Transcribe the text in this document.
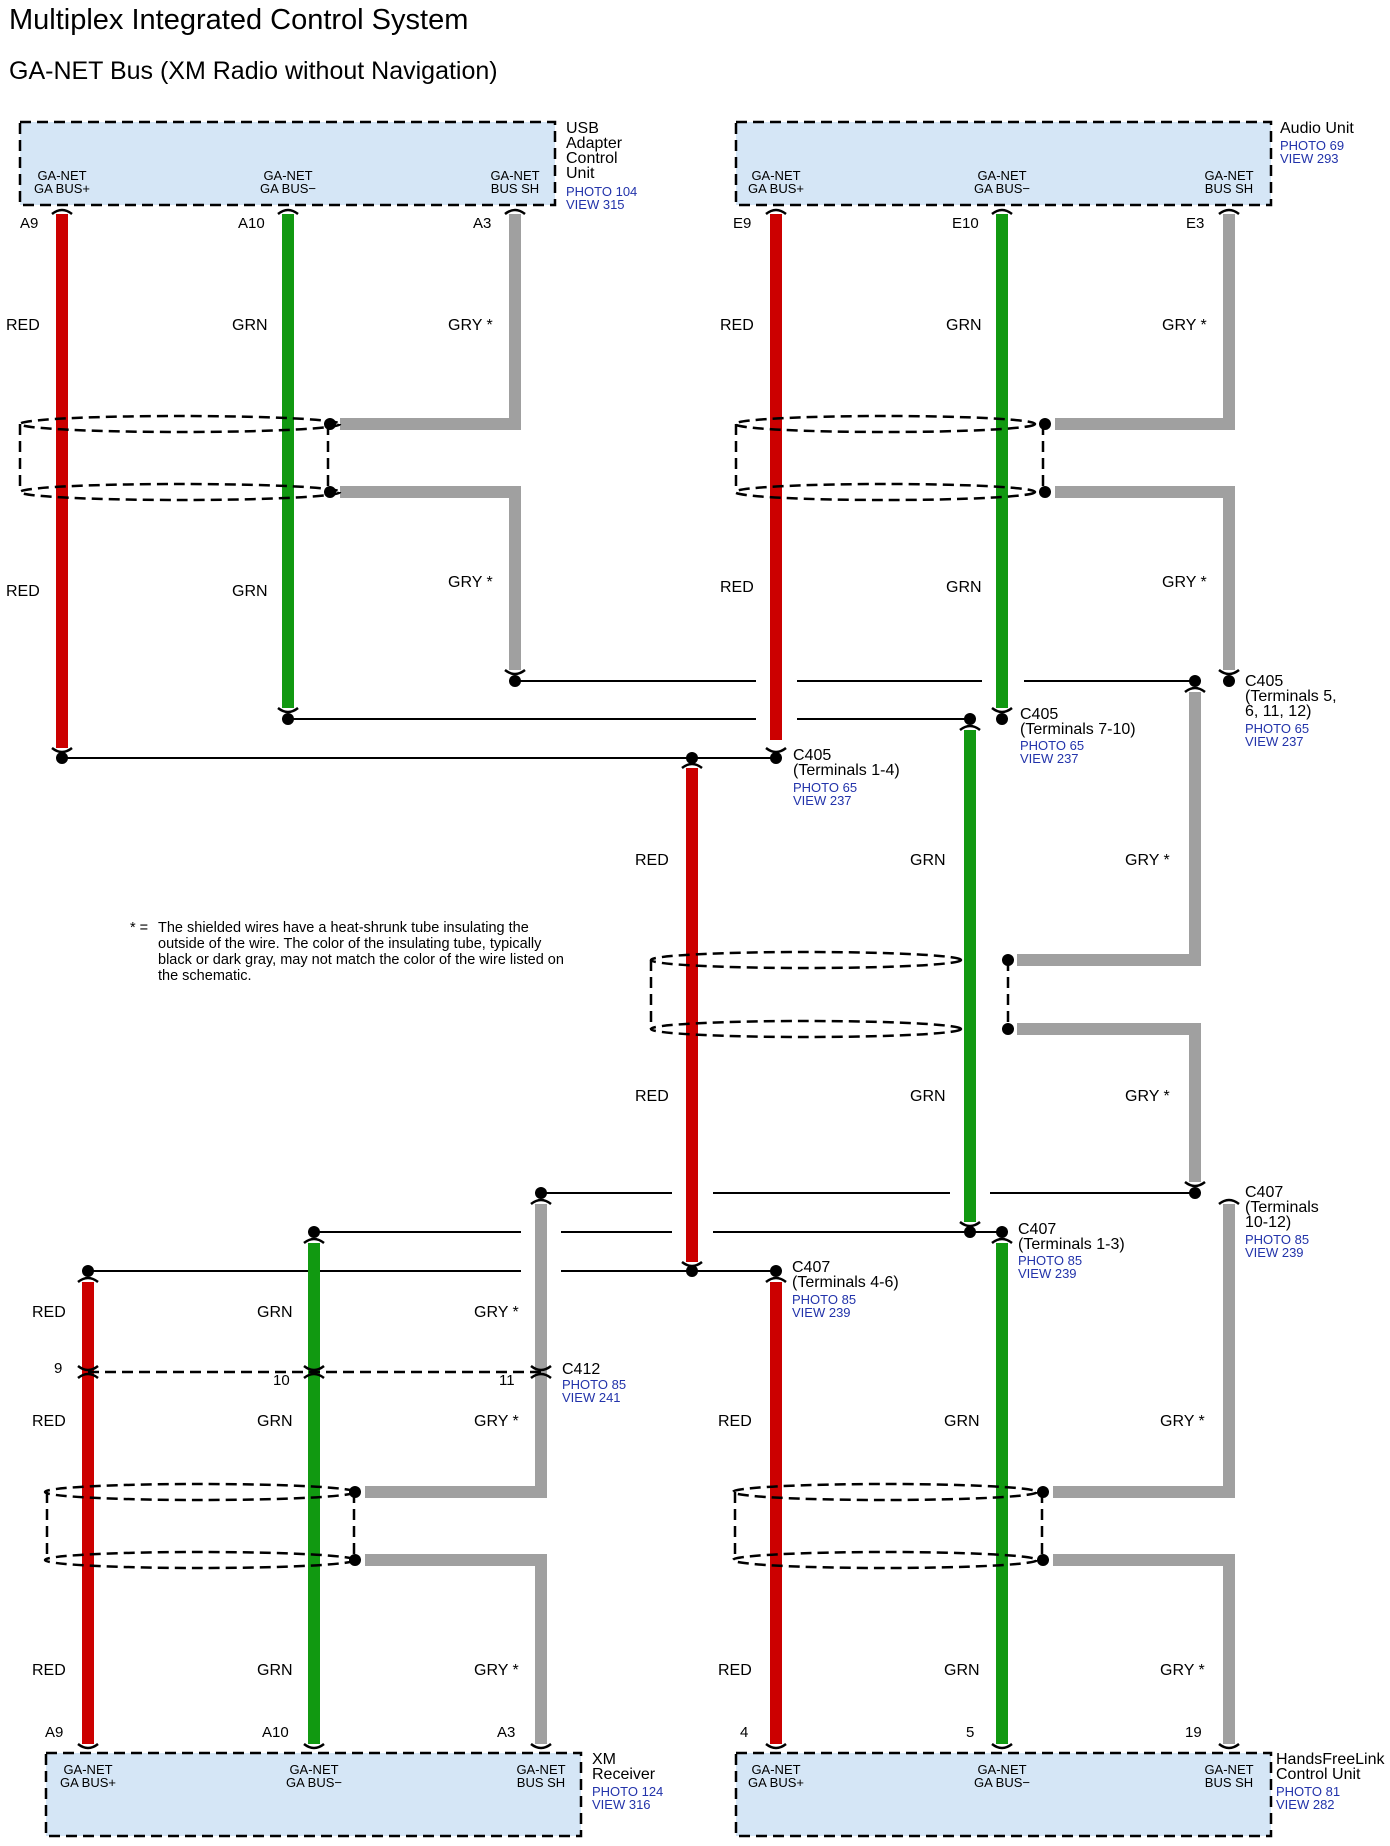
Multiplex Integrated Control System
GA-NET Bus (XM Radio without Navigation)
GA-NET GA BUS+
GA-NET GA BUS−
GA-NET BUS SH
USB Adapter Control Unit
PHOTO 104
VIEW 315
A9	A10	A3
GA-NET GA BUS+
GA-NET GA BUS−
GA-NET BUS SH
Audio Unit
PHOTO 69
VIEW 293
E9	E10	E3
GA-NET GA BUS+
GA-NET GA BUS−
GA-NET BUS SH
XM Receiver
PHOTO 124
VIEW 316
A9	A10	A3
GA-NET GA BUS+
GA-NET GA BUS−
GA-NET BUS SH
HandsFreeLink Control Unit
PHOTO 81
VIEW 282
4	5	19
RED	GRN	GRY *
RED	GRN
GRY *
RED	GRN	GRY *
RED	GRN	GRY *
RED	GRN	GRY *
RED	GRN	GRY *
RED	GRN	GRY *
RED	GRN	GRY *
RED	GRN	GRY *
RED	GRN	GRY *
RED	GRN	GRY *
C405 (Terminals 1-4)
PHOTO 65
VIEW 237
C405 (Terminals 7-10)
PHOTO 65
VIEW 237
C405 (Terminals 5, 6, 11, 12)
PHOTO 65
VIEW 237
C407 (Terminals 1-3)
PHOTO 85
VIEW 239
C407 (Terminals 4-6)
PHOTO 85
VIEW 239
C407 (Terminals 10-12)
PHOTO 85
VIEW 239
C412
PHOTO 85
VIEW 241
9
10	11
* = The shielded wires have a heat-shrunk tube insulating the outside of the wire. The color of the insulating tube, typically black or dark gray, may not match the color of the wire listed on the schematic.
